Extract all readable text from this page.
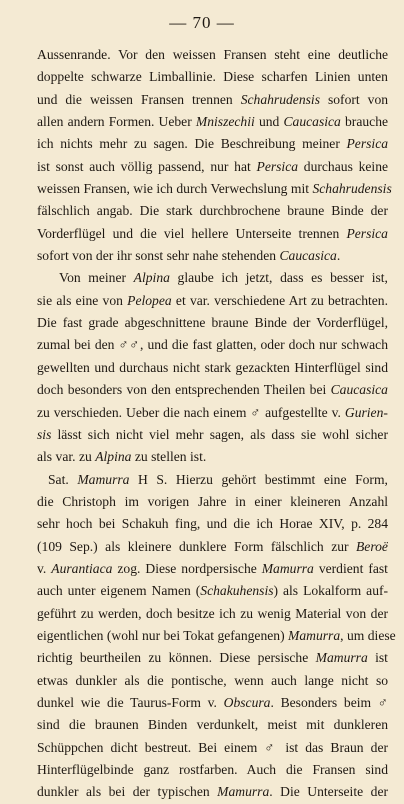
— 70 —
Aussenrande. Vor den weissen Fransen steht eine deutliche
doppelte schwarze Limballinie. Diese scharfen Linien unten
und die weissen Fransen trennen Schahrudensis sofort von
allen andern Formen. Ueber Mniszechii und Caucasica brauche
ich nichts mehr zu sagen. Die Beschreibung meiner Persica
ist sonst auch völlig passend, nur hat Persica durchaus keine
weissen Fransen, wie ich durch Verwechslung mit Schahrudensis
fälschlich angab. Die stark durchbrochene braune Binde der
Vorderflügel und die viel hellere Unterseite trennen Persica
sofort von der ihr sonst sehr nahe stehenden Caucasica.
Von meiner Alpina glaube ich jetzt, dass es besser ist,
sie als eine von Pelopea et var. verschiedene Art zu betrachten.
Die fast grade abgeschnittene braune Binde der Vorderflügel,
zumal bei den ♂♂, und die fast glatten, oder doch nur schwach
gewellten und durchaus nicht stark gezackten Hinterflügel sind
doch besonders von den entsprechenden Theilen bei Caucasica
zu verschieden. Ueber die nach einem ♂ aufgestellte v. Gurien-
sis lässt sich nicht viel mehr sagen, als dass sie wohl sicher
als var. zu Alpina zu stellen ist.
Sat. Mamurra H S. Hierzu gehört bestimmt eine Form,
die Christoph im vorigen Jahre in einer kleineren Anzahl
sehr hoch bei Schakuh fing, und die ich Horae XIV, p. 284
(109 Sep.) als kleinere dunklere Form fälschlich zur Beroë
v. Aurantiaca zog. Diese nordpersische Mamurra verdient fast
auch unter eigenem Namen (Schakuhensis) als Lokalform auf-
geführt zu werden, doch besitze ich zu wenig Material von der
eigentlichen (wohl nur bei Tokat gefangenen) Mamurra, um diese
richtig beurtheilen zu können. Diese persische Mamurra ist
etwas dunkler als die pontische, wenn auch lange nicht so
dunkel wie die Taurus-Form v. Obscura. Besonders beim ♂
sind die braunen Binden verdunkelt, meist mit dunkleren
Schüppchen dicht bestreut. Bei einem ♂ ist das Braun der
Hinterflügelbinde ganz rostfarben. Auch die Fransen sind
dunkler als bei der typischen Mamurra. Die Unterseite der
